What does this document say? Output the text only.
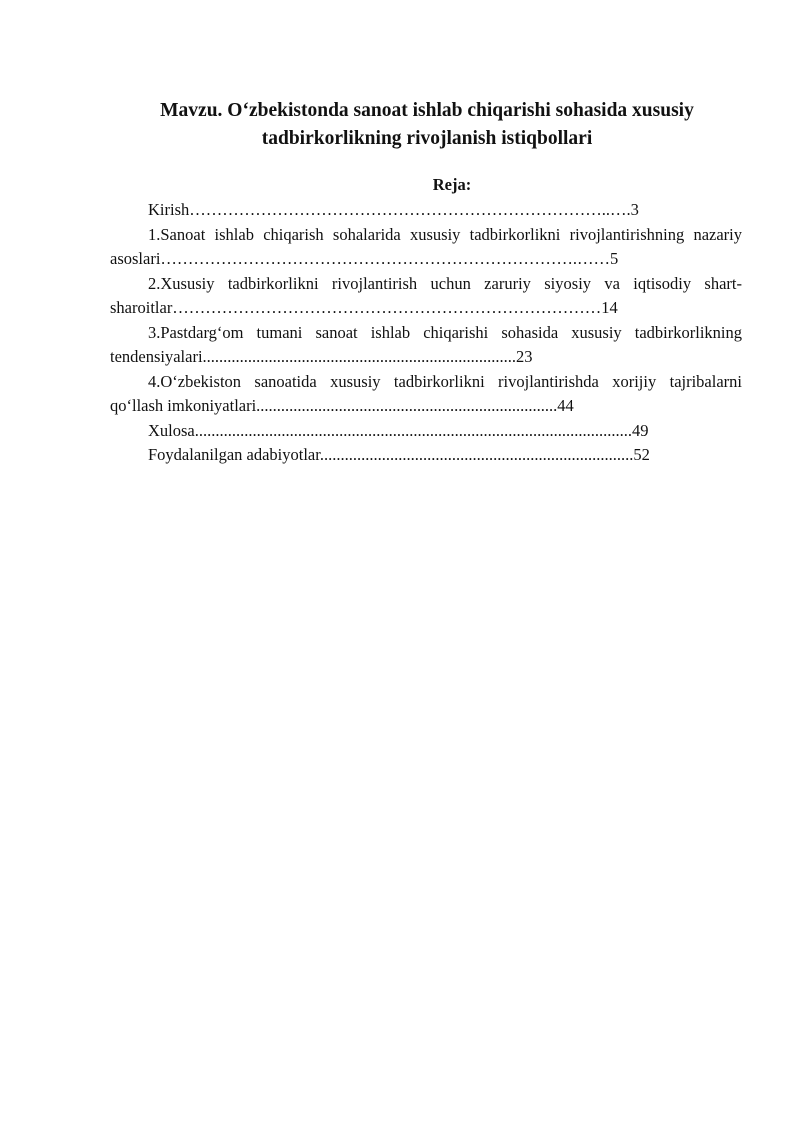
Mavzu. O‘zbekistonda sanoat ishlab chiqarishi sohasida xususiy
tadbirkorlikning rivojlanish istiqbollari
Reja:

Kirish…………………………………………………………………..….3

1.Sanoat ishlab chiqarish sohalarida xususiy tadbirkorlikni rivojlantirishning nazariy asoslari………………………………………………………………….……5

2.Xususiy tadbirkorlikni rivojlantirish uchun zaruriy siyosiy va iqtisodiy shart-sharoitlar……………………………………………………………………14

3.Pastdarg‘om tumani sanoat ishlab chiqarishi sohasida xususiy tadbirkorlikning tendensiyalari............................................................................23

4.O‘zbekiston sanoatida xususiy tadbirkorlikni rivojlantirishda xorijiy tajribalarni qo‘llash imkoniyatlari.........................................................................44

Xulosa..........................................................................................................49

Foydalanilgan adabiyotlar............................................................................52
